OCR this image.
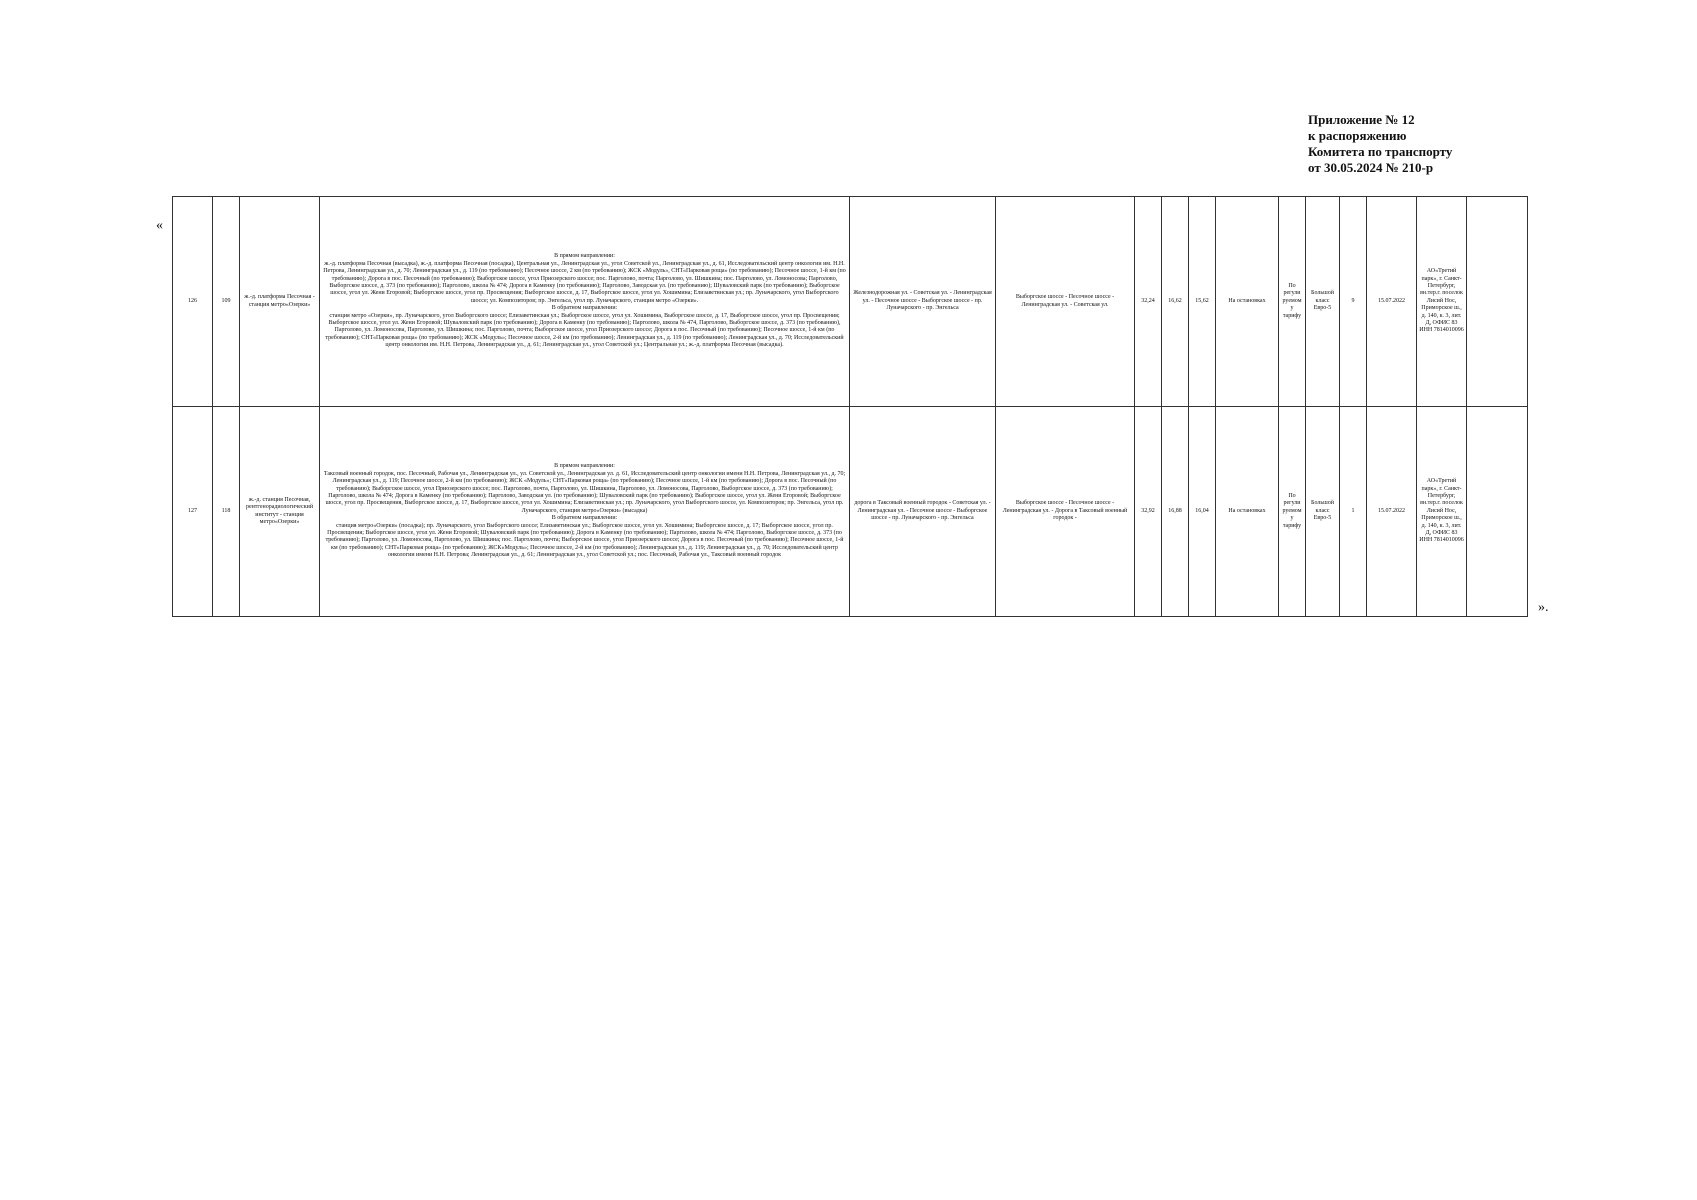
Приложение № 12
к распоряжению
Комитета по транспорту
от 30.05.2024 № 210-р
«
126	109	ж.-д. платформа Песочная - станция метро«Озерки»	В прямом направлении:
ж.-д. платформа Песочная (высадка), ж.-д. платформа Песочная (посадка), Центральная ул., Ленинградская ул., угол Советской ул., Ленинградская ул., д. 61, Исследовательский центр онкологии им. Н.Н. Петрова, Ленинградская ул., д. 70; Ленинградская ул., д. 119 (по требованию); Песочное шоссе, 2 км (по требованию); ЖСК «Модуль», СНТ«Парковая роща» (по требованию); Песочное шоссе, 1-й км (по требованию); Дорога в пос. Песочный (по требованию); Выборгское шоссе, угол Приозерского шоссе; пос. Парголово, почта; Парголово, ул. Шишкина; пос. Парголово, ул. Ломоносова; Парголово, Выборгское шоссе, д. 373 (по требованию); Парголово, школа № 474; Дорога в Каменку (по требованию); Парголово, Заводская ул. (по требованию); Шуваловский парк (по требованию); Выборгское шоссе, угол ул. Жени Егоровой; Выборгское шоссе, угол пр. Просвещения; Выборгское шоссе, д. 17, Выборгское шоссе, угол ул. Хошимина; Елизаветинская ул.; пр. Луначарского, угол Выборгского шоссе; ул. Композиторов; пр. Энгельса, угол пр. Луначарского, станция метро «Озерки».
В обратном направлении:
станция метро «Озерки», пр. Луначарского, угол Выборгского шоссе; Елизаветинская ул.; Выборгское шоссе, угол ул. Хошимина, Выборгское шоссе, д. 17, Выборгское шоссе, угол пр. Просвещения; Выборгское шоссе, угол ул. Жени Егоровой; Шуваловский парк (по требованию); Дорога в Каменку (по требованию); Парголово, школа № 474, Парголово, Выборгское шоссе, д. 373 (по требованию), Парголово, ул. Ломоносова, Парголово, ул. Шишкина; пос. Парголово, почта; Выборгское шоссе, угол Приозерского шоссе; Дорога в пос. Песочный (по требованию); Песочное шоссе, 1-й км (по требованию); СНТ«Парковая роща» (по требованию); ЖСК «Модуль»; Песочное шоссе, 2-й км (по требованию); Ленинградская ул., д. 119 (по требованию); Ленинградская ул., д. 70; Исследовательский центр онкологии им. Н.Н. Петрова, Ленинградская ул., д. 61; Ленинградская ул., угол Советской ул.; Центральная ул.; ж.-д. платформа Песочная (высадка).	Железнодорожная ул. - Советская ул. - Ленинградская ул. - Песочное шоссе - Выборгское шоссе - пр. Луначарского - пр. Энгельса	Выборгское шоссе - Песочное шоссе - Ленинградская ул. - Советская ул.	32,24	16,62	15,62	На остановках	По регули руемом у тарифу	Большой класс Евро-5	9	15.07.2022	АО«Третий парк», г. Санкт-Петербург, вн.тер.г. поселок Лисий Нос, Приморское ш., д. 140, к. 3, лит. Д, ОФИС 83 ИНН 7814010096	
127	118	ж.-д. станция Песочная, рентгенорадиологический институт - станция метро«Озерки»	В прямом направлении:
Таксовый военный городок, пос. Песочный, Рабочая ул., Ленинградская ул., ул. Советской ул., Ленинградская ул. д. 61, Исследовательский центр онкологии имени Н.Н. Петрова, Ленинградская ул., д. 70; Ленинградская ул., д. 119; Песочное шоссе, 2-й км (по требованию); ЖСК «Модуль»; СНТ«Парковая роща» (по требованию); Песочное шоссе, 1-й км (по требованию); Дорога в пос. Песочный (по требованию); Выборгское шоссе, угол Приозерского шоссе; пос. Парголово, почта, Парголово, ул. Шишкина, Парголово, ул. Ломоносова, Парголово, Выборгское шоссе, д. 373 (по требованию); Парголово, школа № 474; Дорога в Каменку (по требованию); Парголово, Заводская ул. (по требованию); Шуваловский парк (по требованию); Выборгское шоссе, угол ул. Жени Егоровой; Выборгское шоссе, угол пр. Просвещения, Выборгское шоссе, д. 17, Выборгское шоссе, угол ул. Хошимина; Елизаветинская ул.; пр. Луначарского, угол Выборгского шоссе, ул. Композиторов; пр. Энгельса, угол пр. Луначарского, станция метро«Озерки» (высадка)
В обратном направлении:
станция метро«Озерки» (посадка); пр. Луначарского, угол Выборгского шоссе; Елизаветинская ул.; Выборгское шоссе, угол ул. Хошимина; Выборгское шоссе, д. 17; Выборгское шоссе, угол пр. Просвещения; Выборгское шоссе, угол ул. Жени Егоровой; Шуваловский парк (по требованию); Дорога в Каменку (по требованию); Парголово, школа № 474; Парголово, Выборгское шоссе, д. 373 (по требованию); Парголово, ул. Ломоносова, Парголово, ул. Шишкина; пос. Парголово, почта; Выборгское шоссе, угол Приозерского шоссе; Дорога в пос. Песочный (по требованию); Песочное шоссе, 1-й км (по требованию); СНТ«Парковая роща» (по требованию); ЖСК«Модуль»; Песочное шоссе, 2-й км (по требованию); Ленинградская ул., д. 119; Ленинградская ул., д. 70; Исследовательский центр онкологии имени Н.Н. Петрова; Ленинградская ул., д. 61; Ленинградская ул., угол Советской ул.; пос. Песочный, Рабочая ул., Таксовый военный городок	дорога в Таксовый военный городок - Советская ул. - Ленинградская ул. - Песочное шоссе - Выборгское шоссе - пр. Луначарского - пр. Энгельса	Выборгское шоссе - Песочное шоссе - Ленинградская ул. - Дорога в Таксовый военный городок -	32,92	16,88	16,04	На остановках	По регули руемом у тарифу	Большой класс Евро-5	1	15.07.2022	АО«Третий парк», г. Санкт-Петербург, вн.тер.г. поселок Лисий Нос, Приморское ш., д. 140, к. 3, лит. Д, ОФИС 83 ИНН 7814010096	
».
